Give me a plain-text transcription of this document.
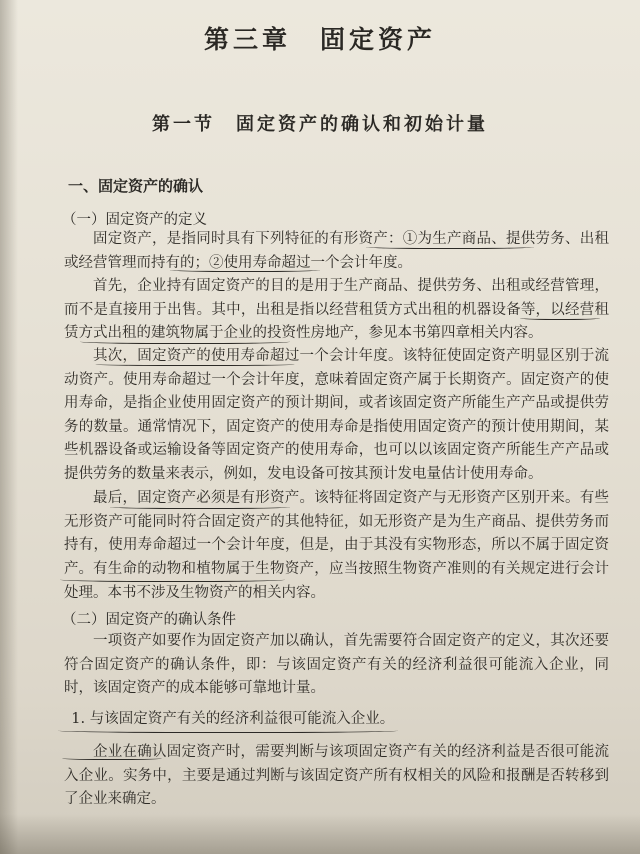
第三章　固定资产
第一节　固定资产的确认和初始计量
一、固定资产的确认
（一）固定资产的定义
固定资产，是指同时具有下列特征的有形资产：①为生产商品、提供劳务、出租或经营管理而持有的；②使用寿命超过一个会计年度。
首先，企业持有固定资产的目的是用于生产商品、提供劳务、出租或经营管理，而不是直接用于出售。其中，出租是指以经营租赁方式出租的机器设备等，以经营租赁方式出租的建筑物属于企业的投资性房地产，参见本书第四章相关内容。
其次，固定资产的使用寿命超过一个会计年度。该特征使固定资产明显区别于流动资产。使用寿命超过一个会计年度，意味着固定资产属于长期资产。固定资产的使用寿命，是指企业使用固定资产的预计期间，或者该固定资产所能生产产品或提供劳务的数量。通常情况下，固定资产的使用寿命是指使用固定资产的预计使用期间，某些机器设备或运输设备等固定资产的使用寿命，也可以以该固定资产所能生产产品或提供劳务的数量来表示，例如，发电设备可按其预计发电量估计使用寿命。
最后，固定资产必须是有形资产。该特征将固定资产与无形资产区别开来。有些无形资产可能同时符合固定资产的其他特征，如无形资产是为生产商品、提供劳务而持有，使用寿命超过一个会计年度，但是，由于其没有实物形态，所以不属于固定资产。 有生命的动物和植物属于生物资产，应当按照生物资产准则的有关规定进行会计处理。本书不涉及生物资产的相关内容。
（二）固定资产的确认条件
一项资产如要作为固定资产加以确认，首先需要符合固定资产的定义，其次还要符合固定资产的确认条件，即：与该固定资产有关的经济利益很可能流入企业，同时，该固定资产的成本能够可靠地计量。
1. 与该固定资产有关的经济利益很可能流入企业。
企业在确认固定资产时，需要判断与该项固定资产有关的经济利益是否很可能流入企业。实务中，主要是通过判断与该固定资产所有权相关的风险和报酬是否转移到了企业来确定。
